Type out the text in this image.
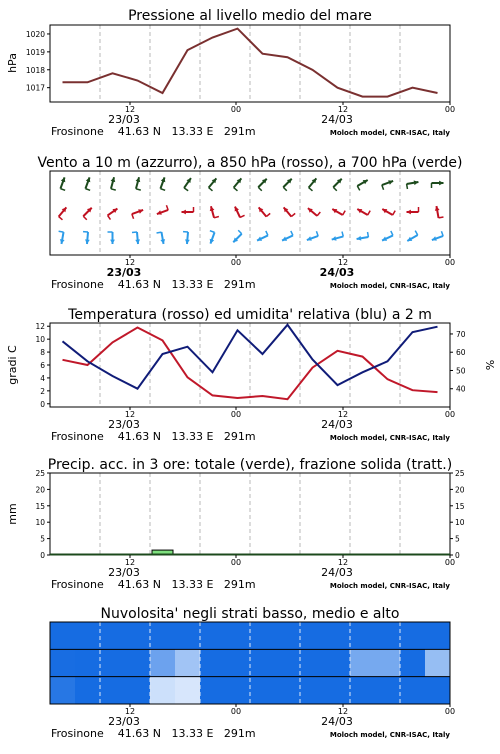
Pressione al livello medio del mare
1017
1018
1019
1020
hPa
12	00	12	00
23/03	24/03
Frosinone    41.63 N   13.33 E   291m	Moloch model, CNR-ISAC, Italy
Vento a 10 m (azzurro), a 850 hPa (rosso), a 700 hPa (verde)
12	00	12	00
23/03	24/03
Frosinone    41.63 N   13.33 E   291m	Moloch model, CNR-ISAC, Italy
Temperatura (rosso) ed umidita' relativa (blu) a 2 m
0
2
4
6
8
10
12
40
50
60
70
gradi C	%
12	00	12	00
23/03	24/03
Frosinone    41.63 N   13.33 E   291m	Moloch model, CNR-ISAC, Italy
Precip. acc. in 3 ore: totale (verde), frazione solida (tratt.)
0	0
5	5
10	10
15	15
20	20
25	25
mm
12	00	12	00
23/03	24/03
Frosinone    41.63 N   13.33 E   291m	Moloch model, CNR-ISAC, Italy
Nuvolosita' negli strati basso, medio e alto
12	00	12	00
23/03	24/03
Frosinone    41.63 N   13.33 E   291m	Moloch model, CNR-ISAC, Italy
